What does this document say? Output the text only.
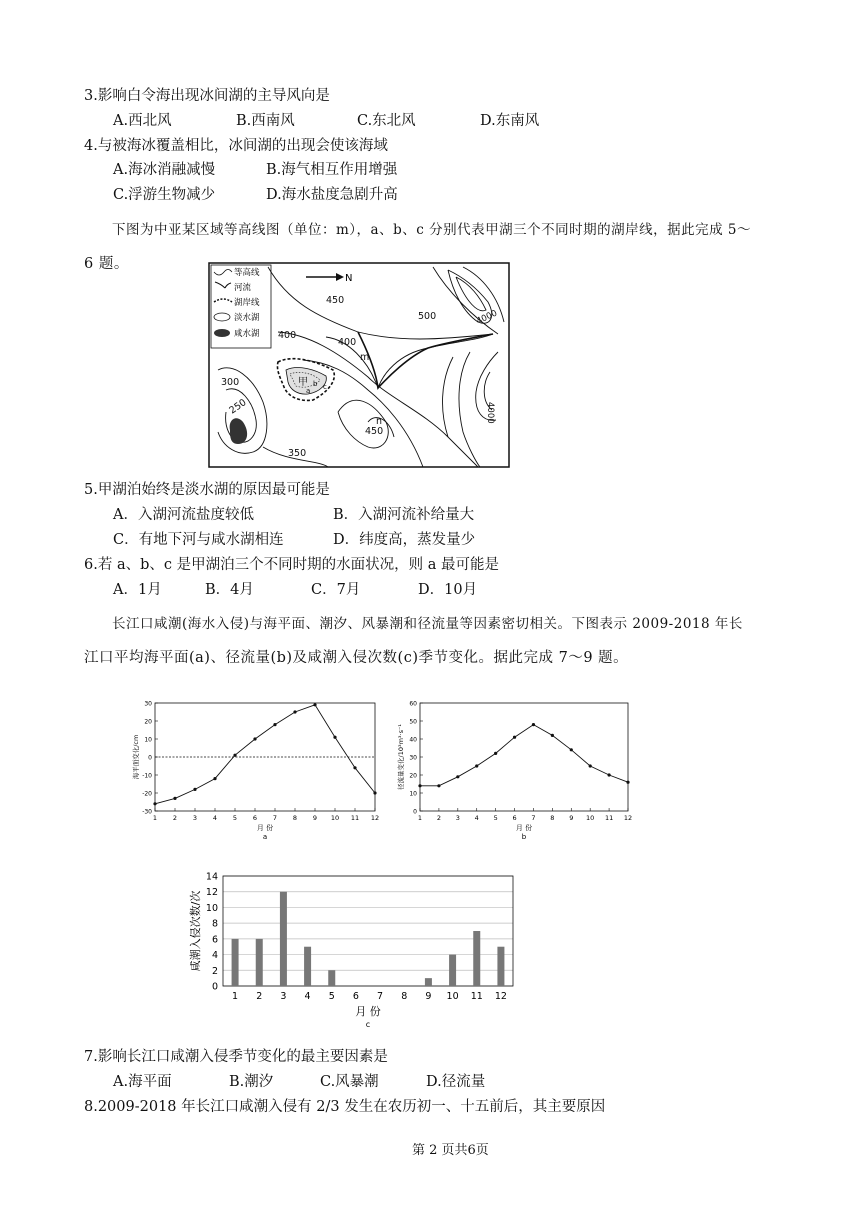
3.影响白令海出现冰间湖的主导风向是
A.西北风	B.西南风	C.东北风	D.东南风
4.与被海冰覆盖相比，冰间湖的出现会使该海域
A.海冰消融减慢	B.海气相互作用增强
C.浮游生物减少	D.海水盐度急剧升高
下图为中亚某区域等高线图（单位：m），a、b、c 分别代表甲湖三个不同时期的湖岸线，据此完成 5～
6 题。
等高线
河流
湖岸线
淡水湖
咸水湖
N
450
500	4000
400
400
450
300
250
350
4000
m
n
甲
a
b c
5.甲湖泊始终是淡水湖的原因最可能是
A．入湖河流盐度较低	B．入湖河流补给量大
C．有地下河与咸水湖相连	D．纬度高，蒸发量少
6.若 a、b、c 是甲湖泊三个不同时期的水面状况，则 a 最可能是
A．1月	B．4月	C．7月	D．10月
长江口咸潮(海水入侵)与海平面、潮汐、风暴潮和径流量等因素密切相关。下图表示 2009-2018 年长
江口平均海平面(a)、径流量(b)及咸潮入侵次数(c)季节变化。据此完成 7～9 题。
-30
-20
-10
0
10
20
30
1 2 3 4 5 6 7 8 9 10 11 12
海平面变化/cm
月 份
a
0
10
20
30
40
50
60
1 2 3 4 5 6 7 8 9 10 11 12
径流量变化/10³m³·s⁻¹
月 份
b
0
2
4
6
8
10
12
14
1 2 3 4 5 6 7 8 9 10 11 12
咸潮入侵次数/次
月 份
c
7.影响长江口咸潮入侵季节变化的最主要因素是
A.海平面	B.潮汐	C.风暴潮	D.径流量
8.2009-2018 年长江口咸潮入侵有 2/3 发生在农历初一、十五前后，其主要原因
第 2 页共6页
